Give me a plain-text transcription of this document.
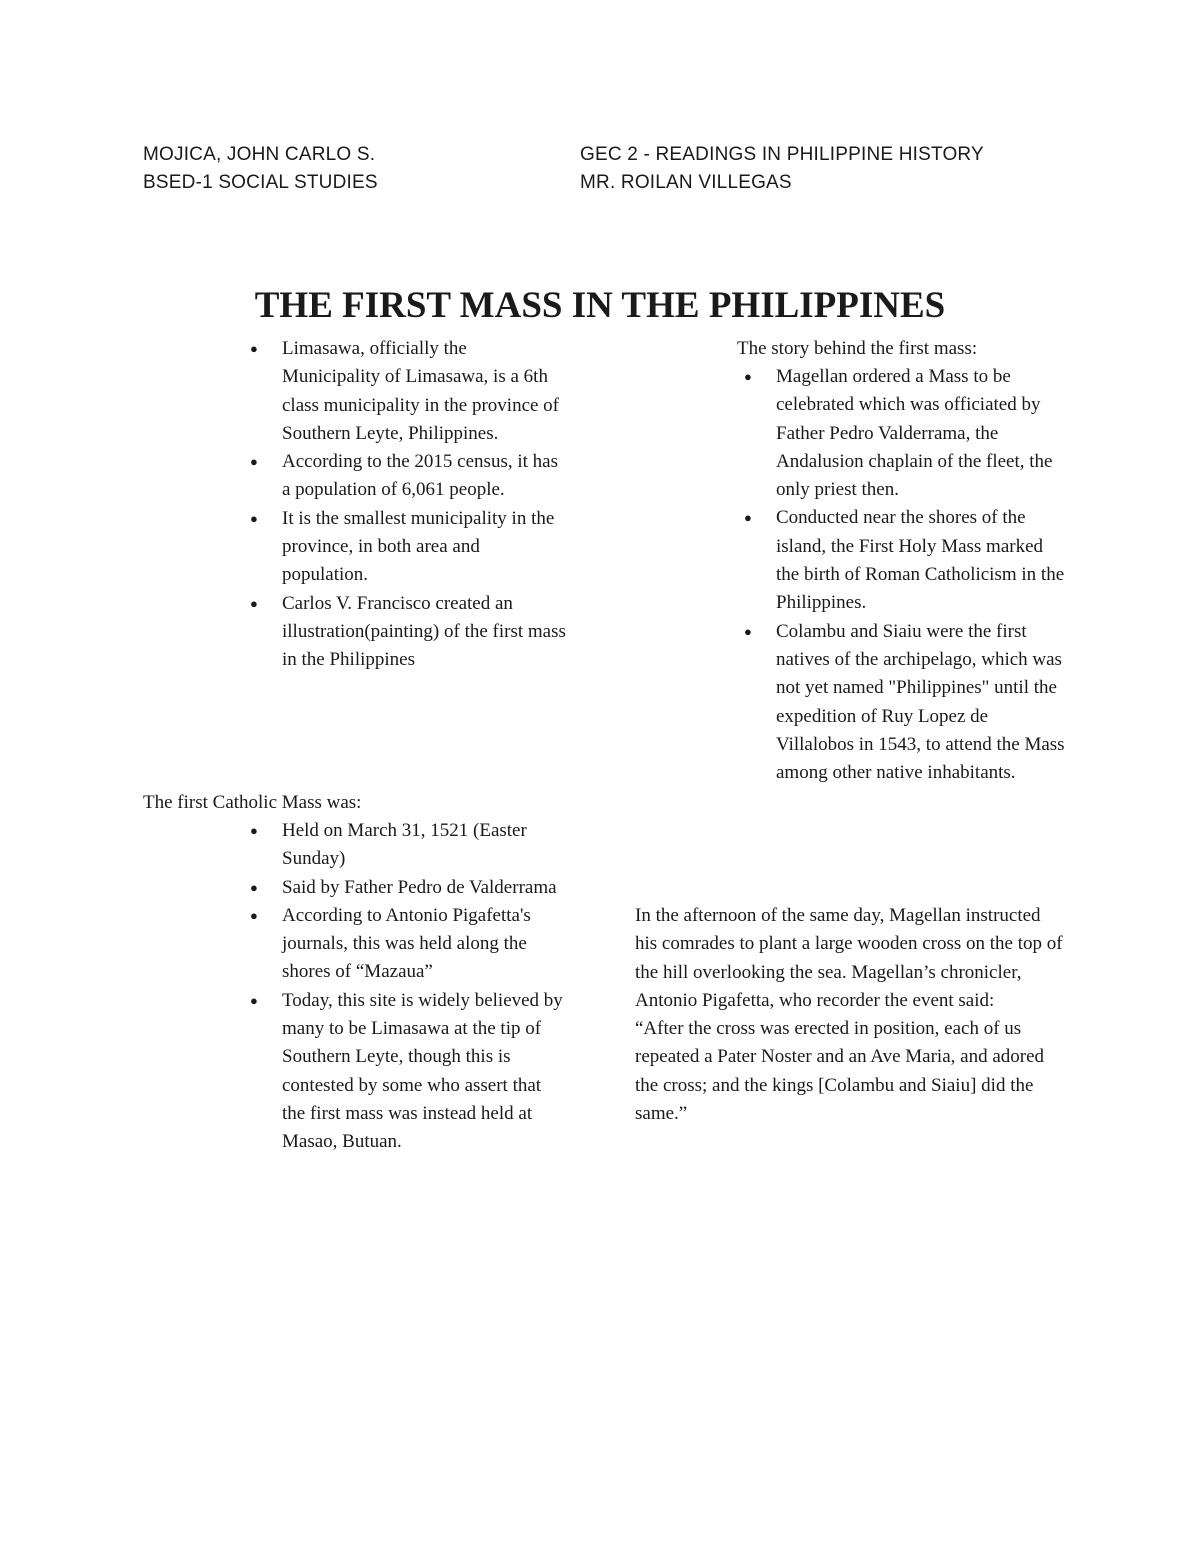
MOJICA, JOHN CARLO S.
BSED-1 SOCIAL STUDIES
GEC 2 - READINGS IN PHILIPPINE HISTORY
MR. ROILAN VILLEGAS
THE FIRST MASS IN THE PHILIPPINES
● Limasawa, officially the Municipality of Limasawa, is a 6th class municipality in the province of Southern Leyte, Philippines.
● According to the 2015 census, it has a population of 6,061 people.
● It is the smallest municipality in the province, in both area and population.
● Carlos V. Francisco created an illustration(painting) of the first mass in the Philippines
The first Catholic Mass was:
● Held on March 31, 1521 (Easter Sunday)
● Said by Father Pedro de Valderrama
● According to Antonio Pigafetta's journals, this was held along the shores of “Mazaua”
● Today, this site is widely believed by many to be Limasawa at the tip of Southern Leyte, though this is contested by some who assert that the first mass was instead held at Masao, Butuan.
The story behind the first mass:
● Magellan ordered a Mass to be celebrated which was officiated by Father Pedro Valderrama, the Andalusion chaplain of the fleet, the only priest then.
● Conducted near the shores of the island, the First Holy Mass marked the birth of Roman Catholicism in the Philippines.
● Colambu and Siaiu were the first natives of the archipelago, which was not yet named "Philippines" until the expedition of Ruy Lopez de Villalobos in 1543, to attend the Mass among other native inhabitants.
In the afternoon of the same day, Magellan instructed his comrades to plant a large wooden cross on the top of the hill overlooking the sea. Magellan’s chronicler, Antonio Pigafetta, who recorder the event said:
“After the cross was erected in position, each of us repeated a Pater Noster and an Ave Maria, and adored the cross; and the kings [Colambu and Siaiu] did the same.”
